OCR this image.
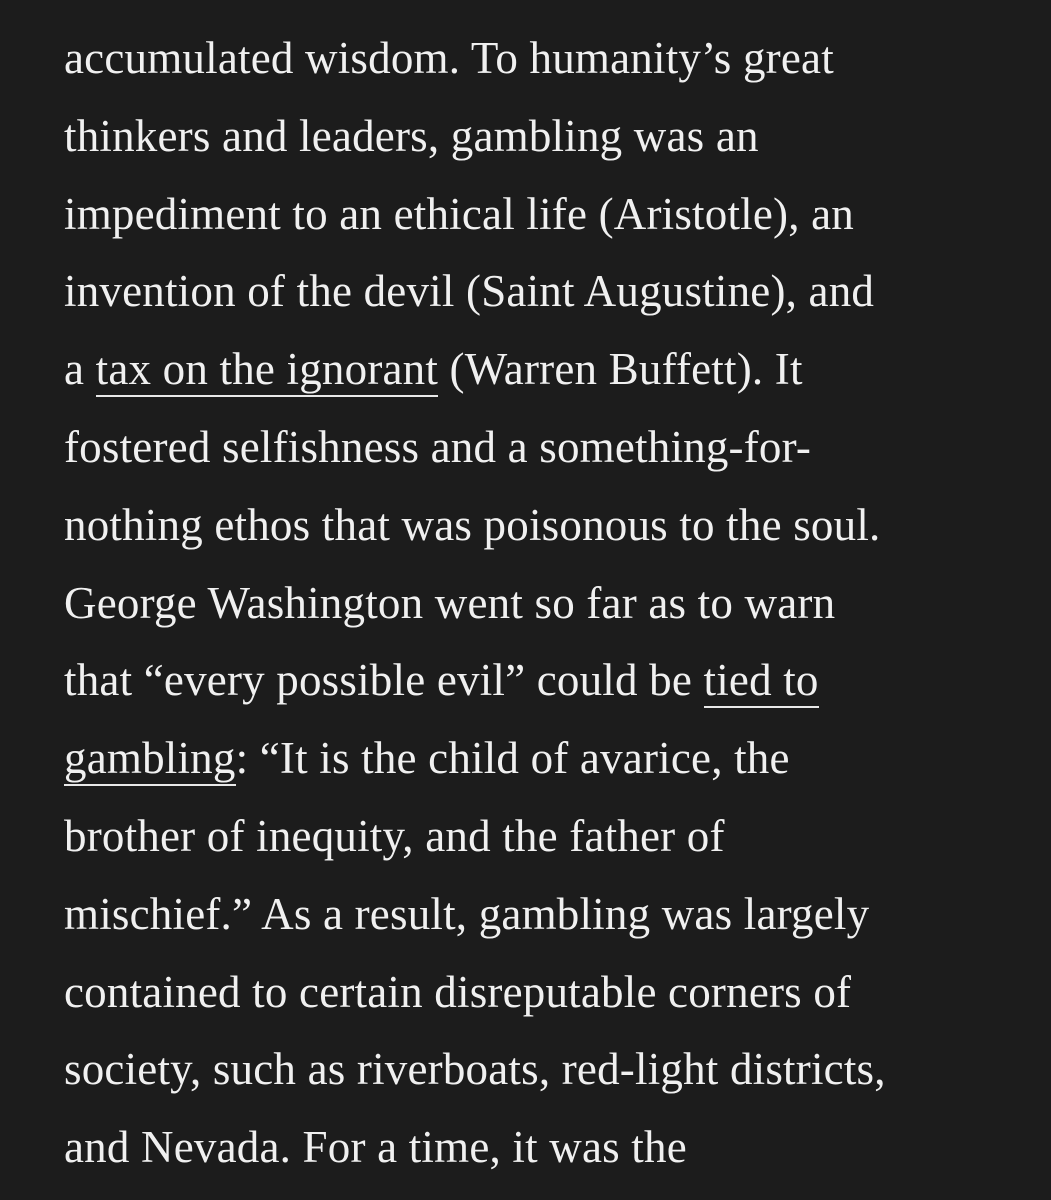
accumulated wisdom. To humanity’s great
thinkers and leaders, gambling was an
impediment to an ethical life (Aristotle), an
invention of the devil (Saint Augustine), and
a tax on the ignorant (Warren Buffett). It
fostered selfishness and a something-for-
nothing ethos that was poisonous to the soul.
George Washington went so far as to warn
that “every possible evil” could be tied to
gambling: “It is the child of avarice, the
brother of inequity, and the father of
mischief.” As a result, gambling was largely
contained to certain disreputable corners of
society, such as riverboats, red-light districts,
and Nevada. For a time, it was the
